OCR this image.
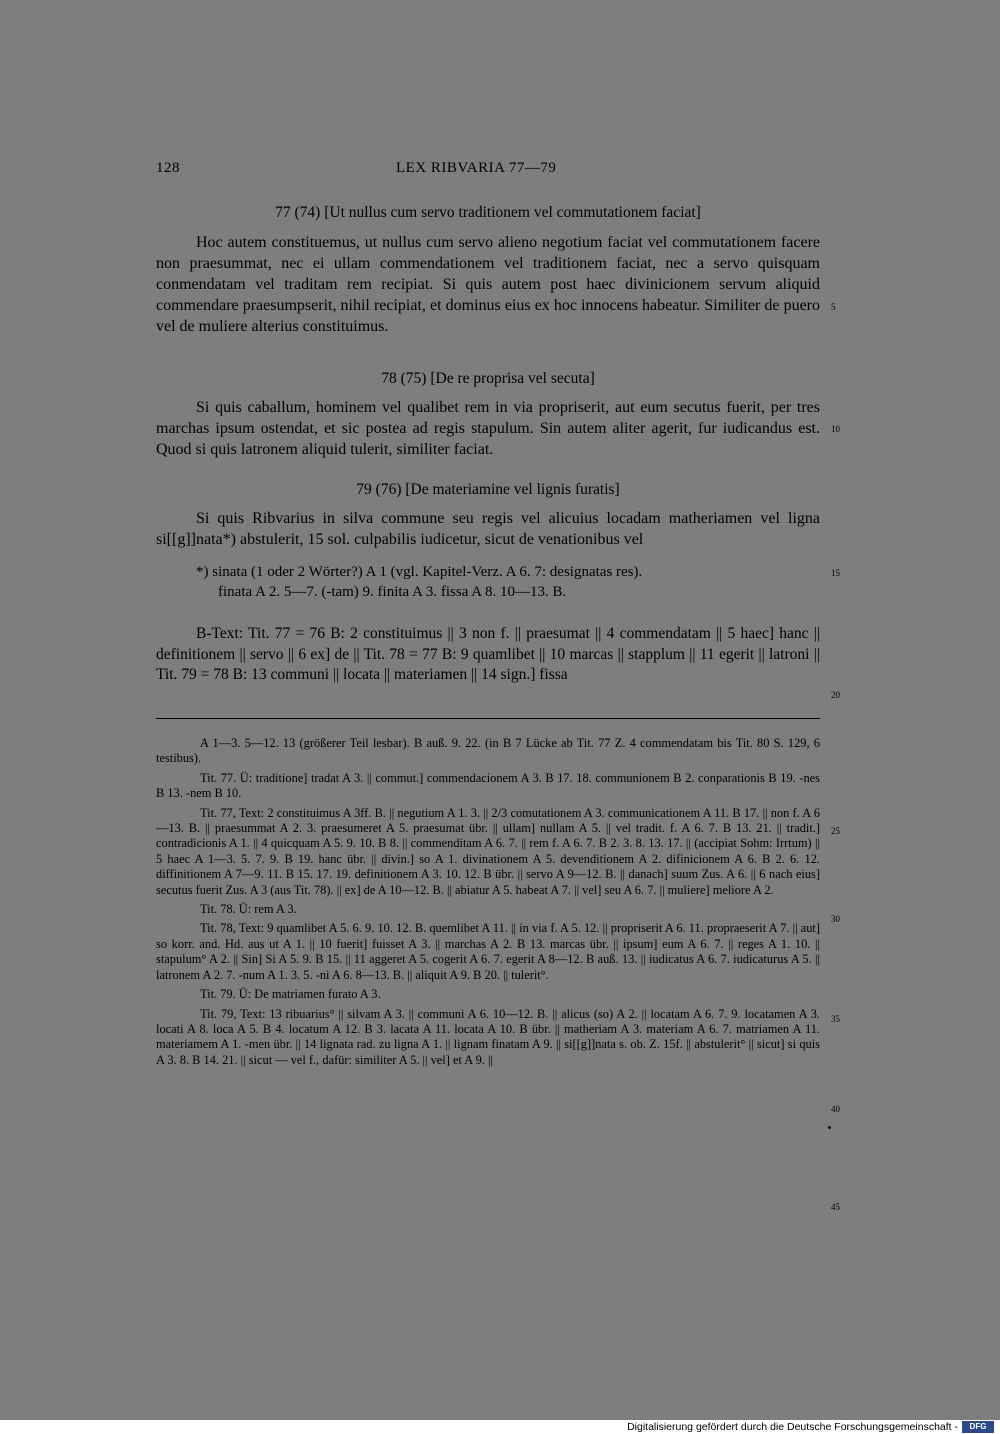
128	LEX RIBVARIA 77—79
77 (74) [Ut nullus cum servo traditionem vel commutationem faciat]

Hoc autem constituemus, ut nullus cum servo alieno negotium faciat vel commutationem facere non praesummat, nec ei ullam commendationem vel traditionem faciat, nec a servo quisquam conmendatam vel traditam rem recipiat. Si quis autem post haec divinicionem servum aliquid commendare praesumpserit, nihil recipiat, et dominus eius ex hoc innocens habeatur. Similiter de puero vel de muliere alterius constituimus.

78 (75) [De re proprisa vel secuta]

Si quis caballum, hominem vel qualibet rem in via propriserit, aut eum secutus fuerit, per tres marchas ipsum ostendat, et sic postea ad regis stapulum. Sin autem aliter agerit, fur iudicandus est. Quod si quis latronem aliquid tulerit, similiter faciat.

79 (76) [De materiamine vel lignis furatis]

Si quis Ribvarius in silva commune seu regis vel alicuius locadam matheriamen vel ligna si[[g]]nata*) abstulerit, 15 sol. culpabilis iudicetur, sicut de venationibus vel

*) sinata (1 oder 2 Wörter?) A 1 (vgl. Kapitel-Verz. A 6. 7: designatas res).
finata A 2. 5—7. (-tam) 9. finita A 3. fissa A 8. 10—13. B.

B-Text: Tit. 77 = 76 B: 2 constituimus || 3 non f. || praesumat || 4 commendatam || 5 haec] hanc || definitionem || servo || 6 ex] de || Tit. 78 = 77 B: 9 quamlibet || 10 marcas || stapplum || 11 egerit || latroni || Tit. 79 = 78 B: 13 communi || locata || materiamen || 14 sign.] fissa

A 1—3. 5—12. 13 (größerer Teil lesbar). B auß. 9. 22. (in B 7 Lücke ab Tit. 77 Z. 4 commendatam bis Tit. 80 S. 129, 6 testibus).

Tit. 77. Ü: traditione] tradat A 3. || commut.] commendacionem A 3. B 17. 18. communionem B 2. conparationis B 19. -nes B 13. -nem B 10.

Tit. 77, Text: 2 constituimus A 3ff. B. || negutium A 1. 3. || 2/3 comutationem A 3. communicationem A 11. B 17. || non f. A 6—13. B. || praesummat A 2. 3. praesumeret A 5. praesumat übr. || ullam] nullam A 5. || vel tradit. f. A 6. 7. B 13. 21. || tradit.] contradicionis A 1. || 4 quicquam A 5. 9. 10. B 8. || commenditam A 6. 7. || rem f. A 6. 7. B 2. 3. 8. 13. 17. || (accipiat Sohm: Irrtum) || 5 haec A 1—3. 5. 7. 9. B 19. hanc übr. || divin.] so A 1. divinationem A 5. devenditionem A 2. difinicionem A 6. B 2. 6. 12. diffinitionem A 7—9. 11. B 15. 17. 19. definitionem A 3. 10. 12. B übr. || servo A 9—12. B. || danach] suum Zus. A 6. || 6 nach eius] secutus fuerit Zus. A 3 (aus Tit. 78). || ex] de A 10—12. B. || abiatur A 5. habeat A 7. || vel] seu A 6. 7. || muliere] meliore A 2.

Tit. 78. Ü: rem A 3.

Tit. 78, Text: 9 quamlibet A 5. 6. 9. 10. 12. B. quemlibet A 11. || in via f. A 5. 12. || propriserit A 6. 11. propraeserit A 7. || aut] so korr. and. Hd. aus ut A 1. || 10 fuerit] fuisset A 3. || marchas A 2. B 13. marcas übr. || ipsum] eum A 6. 7. || reges A 1. 10. || stapulum° A 2. || Sin] Si A 5. 9. B 15. || 11 aggeret A 5. cogerit A 6. 7. egerit A 8—12. B auß. 13. || iudicatus A 6. 7. iudicaturus A 5. || latronem A 2. 7. -num A 1. 3. 5. -ni A 6. 8—13. B. || aliquit A 9. B 20. || tulerit°.

Tit. 79. Ü: De matriamen furato A 3.

Tit. 79, Text: 13 ribuarius° || silvam A 3. || communi A 6. 10—12. B. || alicus (so) A 2. || locatam A 6. 7. 9. locatamen A 3. locati A 8. loca A 5. B 4. locatum A 12. B 3. lacata A 11. locata A 10. B übr. || matheriam A 3. materiam A 6. 7. matriamen A 11. materiamem A 1. -men übr. || 14 lignata rad. zu ligna A 1. || lignam finatam A 9. || si[[g]]nata s. ob. Z. 15f. || abstulerit° || sicut] si quis A 3. 8. B 14. 21. || sicut — vel f., dafür: similiter A 5. || vel] et A 9. ||

5
10
15
20
25
30
35
40
45
Digitalisierung gefördert durch die Deutsche Forschungsgemeinschaft -	DFG
